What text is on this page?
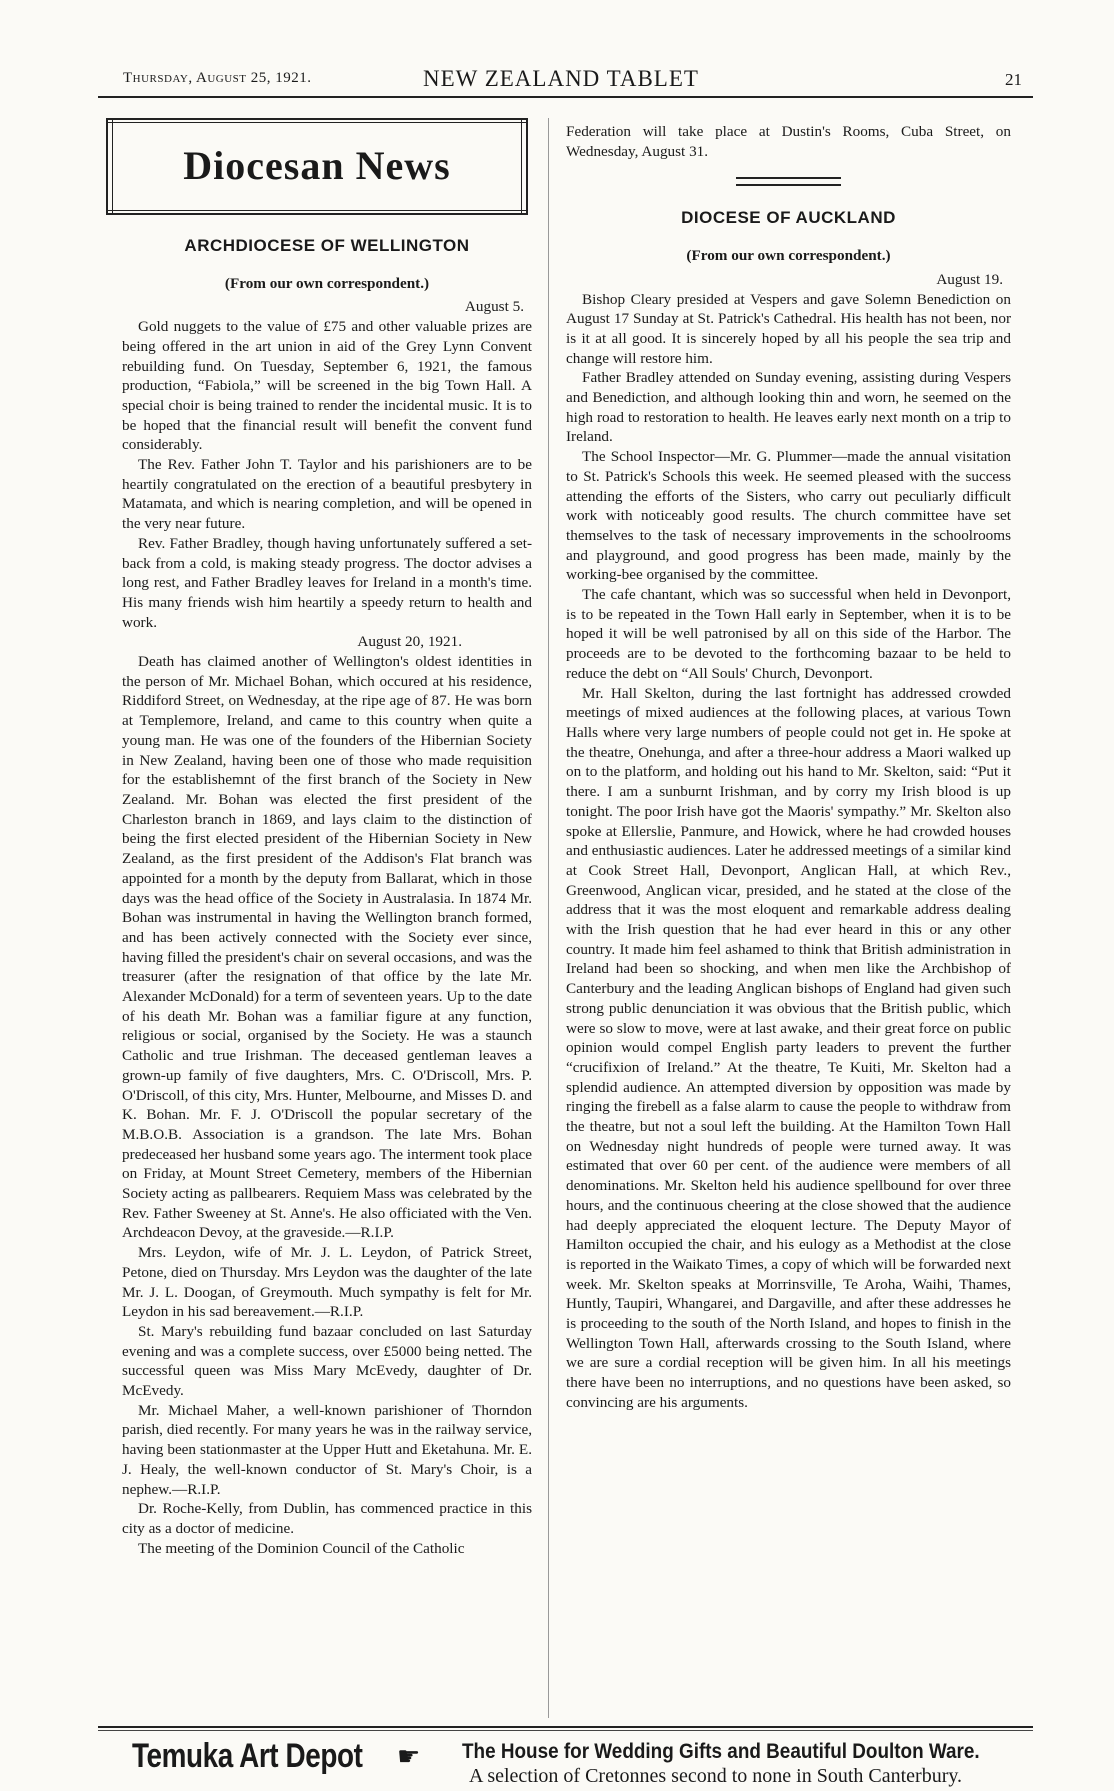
Thursday, August 25, 1921.	NEW ZEALAND TABLET	21
Diocesan News
ARCHDIOCESE OF WELLINGTON
(From our own correspondent.)

August 5.

Gold nuggets to the value of £75 and other valuable prizes are being offered in the art union in aid of the Grey Lynn Convent rebuilding fund. On Tuesday, September 6, 1921, the famous production, “Fabiola,” will be screened in the big Town Hall. A special choir is being trained to render the incidental music. It is to be hoped that the financial result will benefit the convent fund considerably.

The Rev. Father John T. Taylor and his parishioners are to be heartily congratulated on the erection of a beautiful presbytery in Matamata, and which is nearing completion, and will be opened in the very near future.

Rev. Father Bradley, though having unfortunately suffered a set-back from a cold, is making steady progress. The doctor advises a long rest, and Father Bradley leaves for Ireland in a month's time. His many friends wish him heartily a speedy return to health and work.

August 20, 1921.

Death has claimed another of Wellington's oldest identities in the person of Mr. Michael Bohan, which occured at his residence, Riddiford Street, on Wednesday, at the ripe age of 87. He was born at Templemore, Ireland, and came to this country when quite a young man. He was one of the founders of the Hibernian Society in New Zealand, having been one of those who made requisition for the establishemnt of the first branch of the Society in New Zealand. Mr. Bohan was elected the first president of the Charleston branch in 1869, and lays claim to the distinction of being the first elected president of the Hibernian Society in New Zealand, as the first president of the Addison's Flat branch was appointed for a month by the deputy from Ballarat, which in those days was the head office of the Society in Australasia. In 1874 Mr. Bohan was instrumental in having the Wellington branch formed, and has been actively connected with the Society ever since, having filled the president's chair on several occasions, and was the treasurer (after the resignation of that office by the late Mr. Alexander McDonald) for a term of seventeen years. Up to the date of his death Mr. Bohan was a familiar figure at any function, religious or social, organised by the Society. He was a staunch Catholic and true Irishman. The deceased gentleman leaves a grown-up family of five daughters, Mrs. C. O'Driscoll, Mrs. P. O'Driscoll, of this city, Mrs. Hunter, Melbourne, and Misses D. and K. Bohan. Mr. F. J. O'Driscoll the popular secretary of the M.B.O.B. Association is a grandson. The late Mrs. Bohan predeceased her husband some years ago. The interment took place on Friday, at Mount Street Cemetery, members of the Hibernian Society acting as pallbearers. Requiem Mass was celebrated by the Rev. Father Sweeney at St. Anne's. He also officiated with the Ven. Archdeacon Devoy, at the graveside.—R.I.P.

Mrs. Leydon, wife of Mr. J. L. Leydon, of Patrick Street, Petone, died on Thursday. Mrs Leydon was the daughter of the late Mr. J. L. Doogan, of Greymouth. Much sympathy is felt for Mr. Leydon in his sad bereavement.—R.I.P.

St. Mary's rebuilding fund bazaar concluded on last Saturday evening and was a complete success, over £5000 being netted. The successful queen was Miss Mary McEvedy, daughter of Dr. McEvedy.

Mr. Michael Maher, a well-known parishioner of Thorndon parish, died recently. For many years he was in the railway service, having been stationmaster at the Upper Hutt and Eketahuna. Mr. E. J. Healy, the well-known conductor of St. Mary's Choir, is a nephew.—R.I.P.

Dr. Roche-Kelly, from Dublin, has commenced practice in this city as a doctor of medicine.

The meeting of the Dominion Council of the Catholic

Federation will take place at Dustin's Rooms, Cuba Street, on Wednesday, August 31.

DIOCESE OF AUCKLAND
(From our own correspondent.)

August 19.

Bishop Cleary presided at Vespers and gave Solemn Benediction on August 17 Sunday at St. Patrick's Cathedral. His health has not been, nor is it at all good. It is sincerely hoped by all his people the sea trip and change will restore him.

Father Bradley attended on Sunday evening, assisting during Vespers and Benediction, and although looking thin and worn, he seemed on the high road to restoration to health. He leaves early next month on a trip to Ireland.

The School Inspector—Mr. G. Plummer—made the annual visitation to St. Patrick's Schools this week. He seemed pleased with the success attending the efforts of the Sisters, who carry out peculiarly difficult work with noticeably good results. The church committee have set themselves to the task of necessary improvements in the schoolrooms and playground, and good progress has been made, mainly by the working-bee organised by the committee.

The cafe chantant, which was so successful when held in Devonport, is to be repeated in the Town Hall early in September, when it is to be hoped it will be well patronised by all on this side of the Harbor. The proceeds are to be devoted to the forthcoming bazaar to be held to reduce the debt on “All Souls' Church, Devonport.

Mr. Hall Skelton, during the last fortnight has addressed crowded meetings of mixed audiences at the following places, at various Town Halls where very large numbers of people could not get in. He spoke at the theatre, Onehunga, and after a three-hour address a Maori walked up on to the platform, and holding out his hand to Mr. Skelton, said: “Put it there. I am a sunburnt Irishman, and by corry my Irish blood is up tonight. The poor Irish have got the Maoris' sympathy.” Mr. Skelton also spoke at Ellerslie, Panmure, and Howick, where he had crowded houses and enthusiastic audiences. Later he addressed meetings of a similar kind at Cook Street Hall, Devonport, Anglican Hall, at which Rev., Greenwood, Anglican vicar, presided, and he stated at the close of the address that it was the most eloquent and remarkable address dealing with the Irish question that he had ever heard in this or any other country. It made him feel ashamed to think that British administration in Ireland had been so shocking, and when men like the Archbishop of Canterbury and the leading Anglican bishops of England had given such strong public denunciation it was obvious that the British public, which were so slow to move, were at last awake, and their great force on public opinion would compel English party leaders to prevent the further “crucifixion of Ireland.” At the theatre, Te Kuiti, Mr. Skelton had a splendid audience. An attempted diversion by opposition was made by ringing the firebell as a false alarm to cause the people to withdraw from the theatre, but not a soul left the building. At the Hamilton Town Hall on Wednesday night hundreds of people were turned away. It was estimated that over 60 per cent. of the audience were members of all denominations. Mr. Skelton held his audience spellbound for over three hours, and the continuous cheering at the close showed that the audience had deeply appreciated the eloquent lecture. The Deputy Mayor of Hamilton occupied the chair, and his eulogy as a Methodist at the close is reported in the Waikato Times, a copy of which will be forwarded next week. Mr. Skelton speaks at Morrinsville, Te Aroha, Waihi, Thames, Huntly, Taupiri, Whangarei, and Dargaville, and after these addresses he is proceeding to the south of the North Island, and hopes to finish in the Wellington Town Hall, afterwards crossing to the South Island, where we are sure a cordial reception will be given him. In all his meetings there have been no interruptions, and no questions have been asked, so convincing are his arguments.

Temuka Art Depot ☛ The House for Wedding Gifts and Beautiful Doulton Ware.
A selection of Cretonnes second to none in South Canterbury.
